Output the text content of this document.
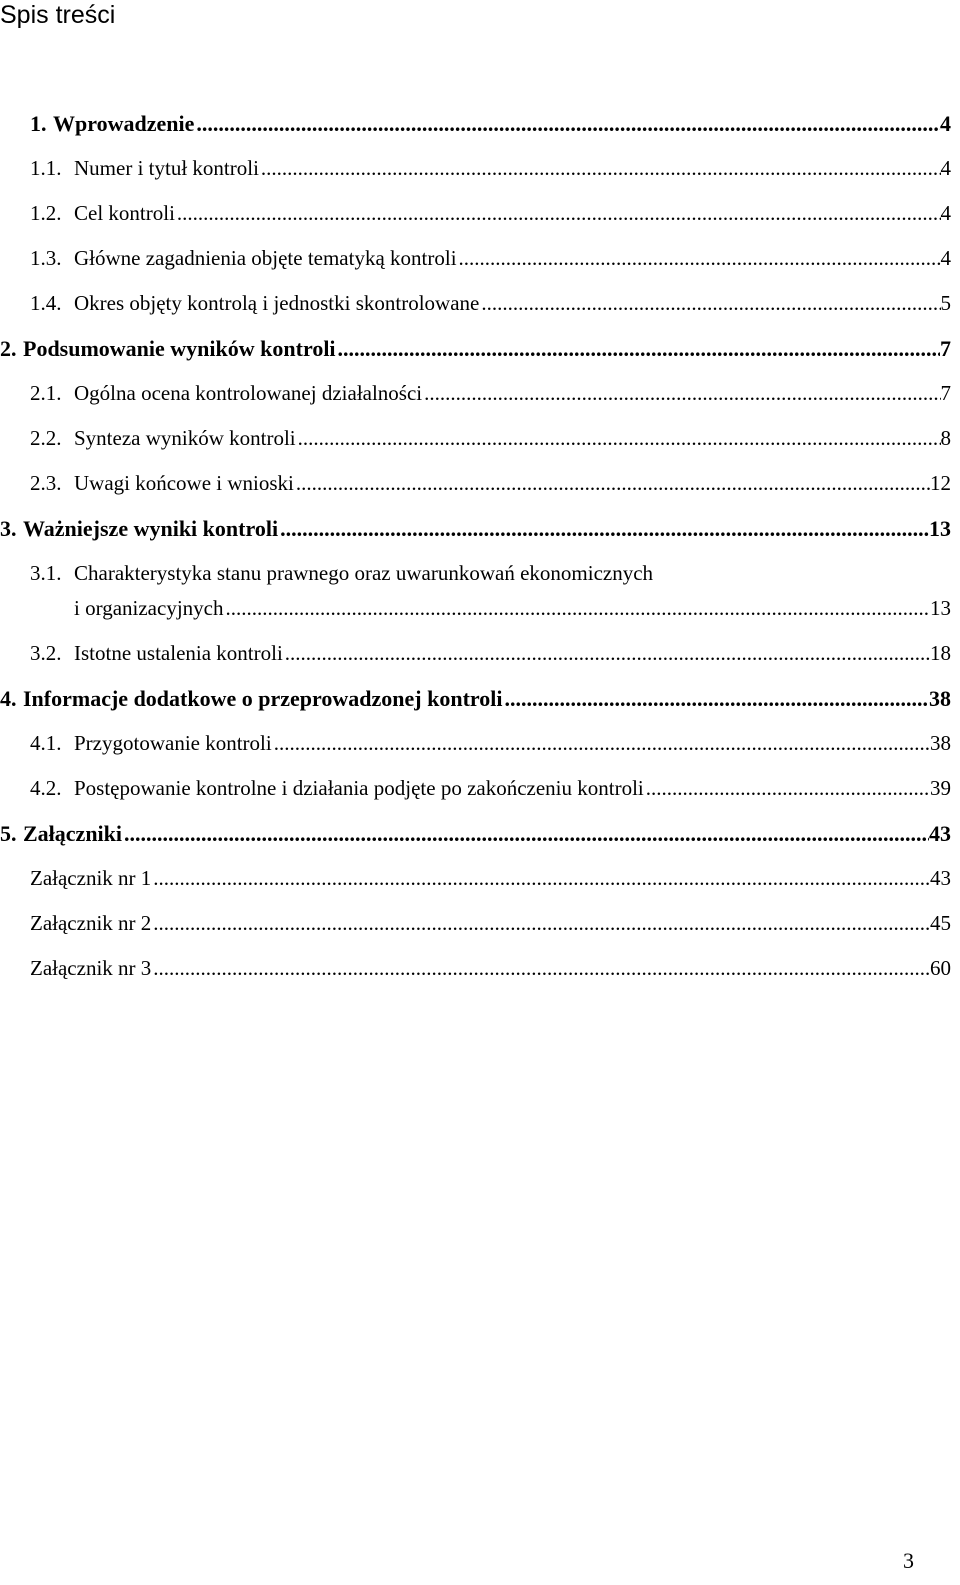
Spis treści
1. Wprowadzenie .....	4
1.1. Numer i tytuł kontroli .....	4
1.2. Cel kontroli .....	4
1.3. Główne zagadnienia objęte tematyką kontroli .....	4
1.4. Okres objęty kontrolą i jednostki skontrolowane .....	5
2. Podsumowanie wyników kontroli .....	7
2.1. Ogólna ocena kontrolowanej działalności .....	7
2.2. Synteza wyników kontroli .....	8
2.3. Uwagi końcowe i wnioski .....	12
3. Ważniejsze wyniki kontroli .....	13
3.1. Charakterystyka stanu prawnego oraz uwarunkowań ekonomicznych
i organizacyjnych .....	13
3.2. Istotne ustalenia kontroli .....	18
4. Informacje dodatkowe o przeprowadzonej kontroli .....	38
4.1. Przygotowanie kontroli .....	38
4.2. Postępowanie kontrolne i działania podjęte po zakończeniu kontroli .....	39
5. Załączniki .....	43
Załącznik nr 1 .....	43
Załącznik nr 2 .....	45
Załącznik nr 3 .....	60
3
